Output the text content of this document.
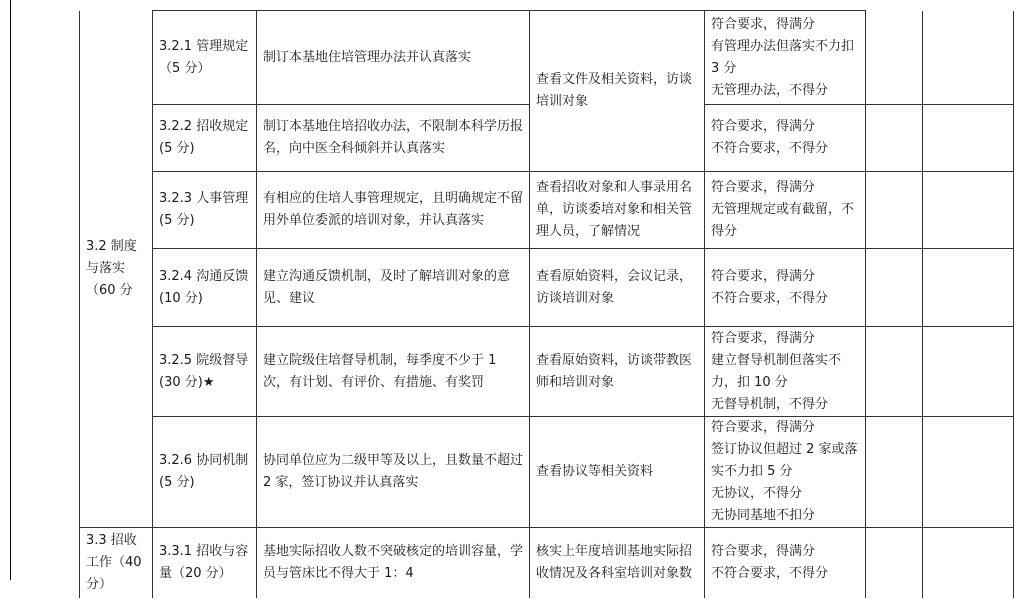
3.2 制度与落实（60 分	3.2.1 管理规定（5 分）	制订本基地住培管理办法并认真落实	查看文件及相关资料，访谈培训对象	符合要求，得满分
有管理办法但落实不力扣 3 分
无管理办法，不得分		

	3.2.2 招收规定(5 分)	制订本基地住培招收办法，不限制本科学历报名，向中医全科倾斜并认真落实		符合要求，得满分
不符合要求，不得分		

	3.2.3 人事管理(5 分)	有相应的住培人事管理规定，且明确规定不留用外单位委派的培训对象，并认真落实	查看招收对象和人事录用名单，访谈委培对象和相关管理人员，了解情况	符合要求，得满分
无管理规定或有截留，不得分		

	3.2.4 沟通反馈(10 分)	建立沟通反馈机制，及时了解培训对象的意见、建议	查看原始资料，会议记录，访谈培训对象	符合要求，得满分
不符合要求，不得分		

	3.2.5 院级督导(30 分)★	建立院级住培督导机制，每季度不少于 1 次，有计划、有评价、有措施、有奖罚	查看原始资料，访谈带教医师和培训对象	符合要求，得满分
建立督导机制但落实不力，扣 10 分
无督导机制，不得分		

	3.2.6 协同机制(5 分)	协同单位应为二级甲等及以上，且数量不超过 2 家，签订协议并认真落实	查看协议等相关资料	符合要求，得满分
签订协议但超过 2 家或落实不力扣 5 分
无协议，不得分
无协同基地不扣分		

3.3 招收工作（40 分）	3.3.1 招收与容量（20 分）	基地实际招收人数不突破核定的培训容量，学员与管床比不得大于 1：4	核实上年度培训基地实际招收情况及各科室培训对象数	符合要求，得满分
不符合要求，不得分		
